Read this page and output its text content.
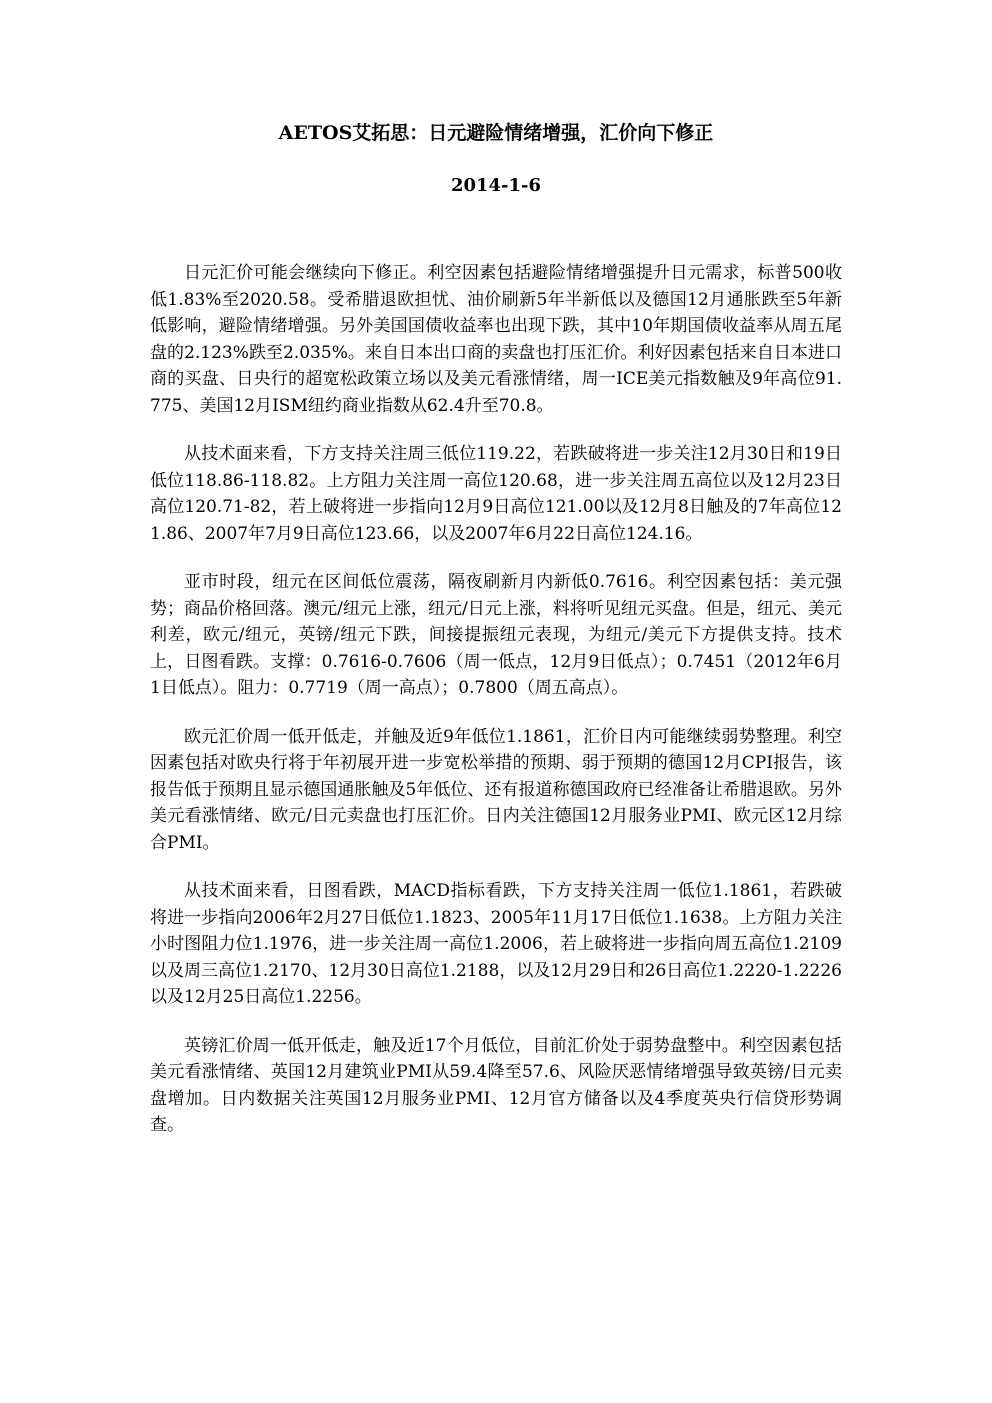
AETOS艾拓思：日元避险情绪增强，汇价向下修正
2014-1-6

日元汇价可能会继续向下修正。利空因素包括避险情绪增强提升日元需求，标普500收低1.83%至2020.58。受希腊退欧担忧、油价刷新5年半新低以及德国12月通胀跌至5年新低影响，避险情绪增强。另外美国国债收益率也出现下跌，其中10年期国债收益率从周五尾盘的2.123%跌至2.035%。来自日本出口商的卖盘也打压汇价。利好因素包括来自日本进口商的买盘、日央行的超宽松政策立场以及美元看涨情绪，周一ICE美元指数触及9年高位91.775、美国12月ISM纽约商业指数从62.4升至70.8。

从技术面来看，下方支持关注周三低位119.22，若跌破将进一步关注12月30日和19日低位118.86-118.82。上方阻力关注周一高位120.68，进一步关注周五高位以及12月23日高位120.71-82，若上破将进一步指向12月9日高位121.00以及12月8日触及的7年高位121.86、2007年7月9日高位123.66，以及2007年6月22日高位124.16。

亚市时段，纽元在区间低位震荡，隔夜刷新月内新低0.7616。利空因素包括：美元强势；商品价格回落。澳元/纽元上涨，纽元/日元上涨，料将听见纽元买盘。但是，纽元、美元利差，欧元/纽元，英镑/纽元下跌，间接提振纽元表现，为纽元/美元下方提供支持。技术上，日图看跌。支撑：0.7616-0.7606（周一低点，12月9日低点）；0.7451（2012年6月1日低点）。阻力：0.7719（周一高点）；0.7800（周五高点）。

欧元汇价周一低开低走，并触及近9年低位1.1861，汇价日内可能继续弱势整理。利空因素包括对欧央行将于年初展开进一步宽松举措的预期、弱于预期的德国12月CPI报告，该报告低于预期且显示德国通胀触及5年低位、还有报道称德国政府已经准备让希腊退欧。另外美元看涨情绪、欧元/日元卖盘也打压汇价。日内关注德国12月服务业PMI、欧元区12月综合PMI。

从技术面来看，日图看跌，MACD指标看跌，下方支持关注周一低位1.1861，若跌破将进一步指向2006年2月27日低位1.1823、2005年11月17日低位1.1638。上方阻力关注小时图阻力位1.1976，进一步关注周一高位1.2006，若上破将进一步指向周五高位1.2109以及周三高位1.2170、12月30日高位1.2188，以及12月29日和26日高位1.2220-1.2226以及12月25日高位1.2256。

英镑汇价周一低开低走，触及近17个月低位，目前汇价处于弱势盘整中。利空因素包括美元看涨情绪、英国12月建筑业PMI从59.4降至57.6、风险厌恶情绪增强导致英镑/日元卖盘增加。日内数据关注英国12月服务业PMI、12月官方储备以及4季度英央行信贷形势调查。
